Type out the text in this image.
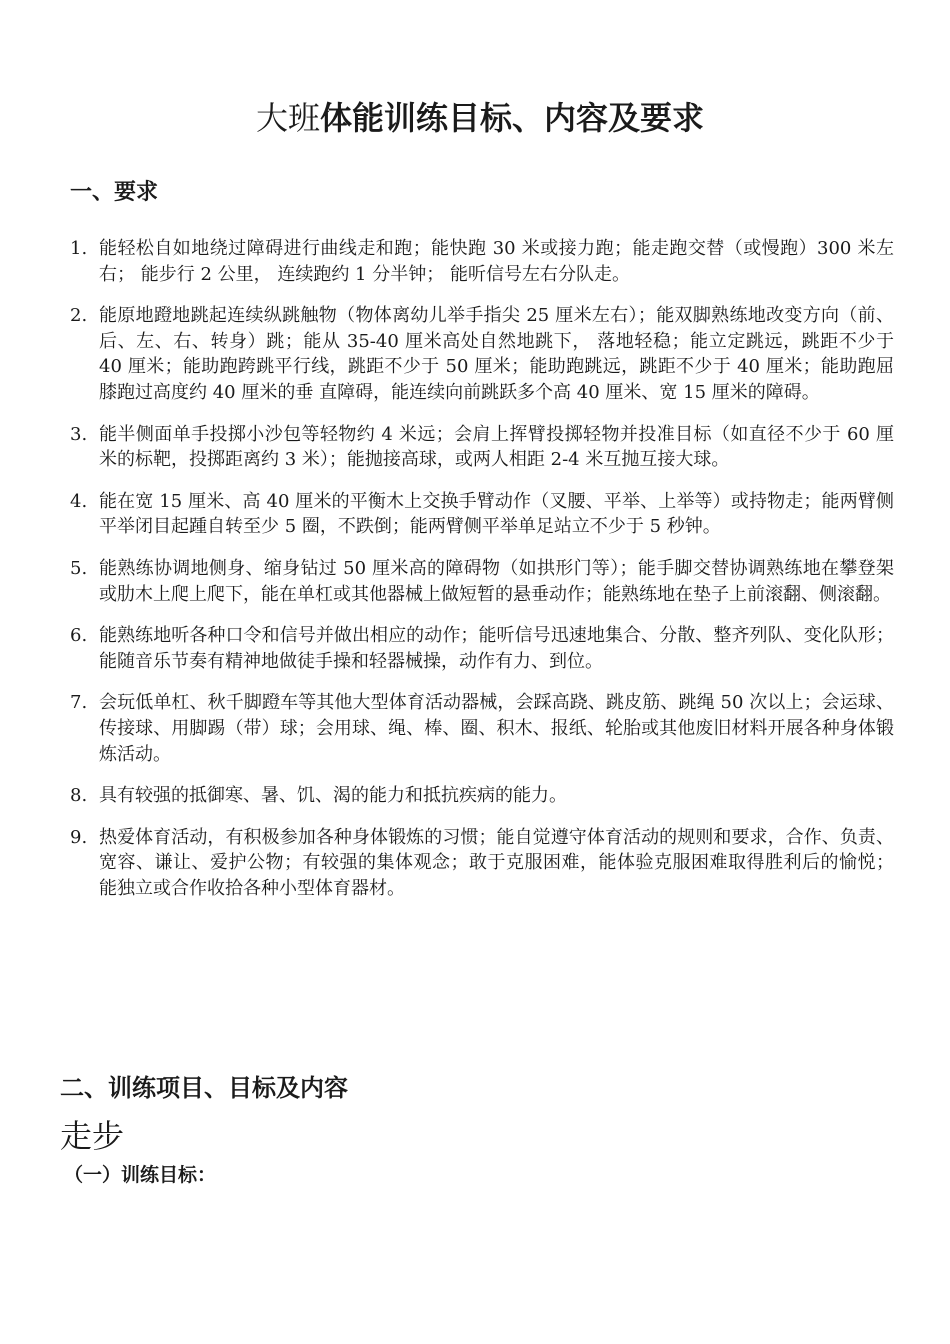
大班体能训练目标、内容及要求
一、要求
1. 能轻松自如地绕过障碍进行曲线走和跑；能快跑 30 米或接力跑；能走跑交替（或慢跑）300 米左右； 能步行 2 公里， 连续跑约 1 分半钟； 能听信号左右分队走。
2. 能原地蹬地跳起连续纵跳触物（物体离幼儿举手指尖 25 厘米左右）；能双脚熟练地改变方向（前、后、左、右、转身）跳；能从 35-40 厘米高处自然地跳下， 落地轻稳；能立定跳远，跳距不少于 40 厘米；能助跑跨跳平行线，跳距不少于 50 厘米；能助跑跳远，跳距不少于 40 厘米；能助跑屈膝跑过高度约 40 厘米的垂 直障碍，能连续向前跳跃多个高 40 厘米、宽 15 厘米的障碍。
3. 能半侧面单手投掷小沙包等轻物约 4 米远；会肩上挥臂投掷轻物并投准目标（如直径不少于 60 厘米的标靶，投掷距离约 3 米）；能抛接高球，或两人相距 2-4 米互抛互接大球。
4. 能在宽 15 厘米、高 40 厘米的平衡木上交换手臂动作（叉腰、平举、上举等）或持物走；能两臂侧平举闭目起踵自转至少 5 圈，不跌倒；能两臂侧平举单足站立不少于 5 秒钟。
5. 能熟练协调地侧身、缩身钻过 50 厘米高的障碍物（如拱形门等）；能手脚交替协调熟练地在攀登架或肋木上爬上爬下，能在单杠或其他器械上做短暂的悬垂动作；能熟练地在垫子上前滚翻、侧滚翻。
6. 能熟练地听各种口令和信号并做出相应的动作；能听信号迅速地集合、分散、整齐列队、变化队形；能随音乐节奏有精神地做徒手操和轻器械操，动作有力、到位。
7. 会玩低单杠、秋千脚蹬车等其他大型体育活动器械，会踩高跷、跳皮筋、跳绳 50 次以上；会运球、传接球、用脚踢（带）球；会用球、绳、棒、圈、积木、报纸、轮胎或其他废旧材料开展各种身体锻炼活动。
8. 具有较强的抵御寒、暑、饥、渴的能力和抵抗疾病的能力。
9. 热爱体育活动，有积极参加各种身体锻炼的习惯；能自觉遵守体育活动的规则和要求，合作、负责、宽容、谦让、爱护公物；有较强的集体观念；敢于克服困难，能体验克服困难取得胜利后的愉悦； 能独立或合作收拾各种小型体育器材。
二、训练项目、目标及内容
走步
（一）训练目标：
